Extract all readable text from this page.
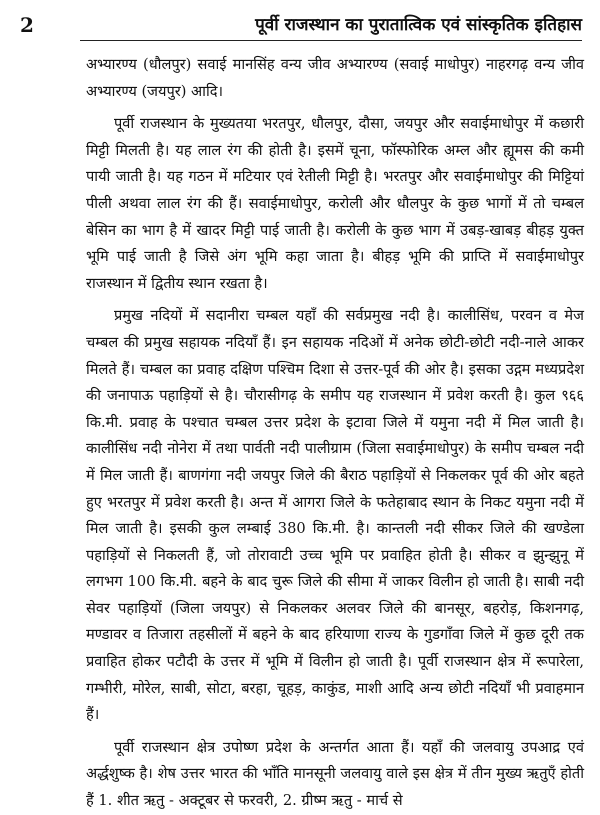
2	पूर्वी राजस्थान का पुरातात्विक एवं सांस्कृतिक इतिहास

अभ्यारण्य (धौलपुर) सवाई मानसिंह वन्य जीव अभ्यारण्य (सवाई माधोपुर) नाहरगढ़ वन्य जीव अभ्यारण्य (जयपुर) आदि।

पूर्वी राजस्थान के मुख्यतया भरतपुर, धौलपुर, दौसा, जयपुर और सवाईमाधोपुर में कछारी मिट्टी मिलती है। यह लाल रंग की होती है। इसमें चूना, फॉस्फोरिक अम्ल और ह्यूमस की कमी पायी जाती है। यह गठन में मटियार एवं रेतीली मिट्टी है। भरतपुर और सवाईमाधोपुर की मिट्टियां पीली अथवा लाल रंग की हैं। सवाईमाधोपुर, करोली और धौलपुर के कुछ भागों में तो चम्बल बेसिन का भाग है में खादर मिट्टी पाई जाती है। करोली के कुछ भाग में उबड़-खाबड़ बीहड़ युक्त भूमि पाई जाती है जिसे अंग भूमि कहा जाता है। बीहड़ भूमि की प्राप्ति में सवाईमाधोपुर राजस्थान में द्वितीय स्थान रखता है।

प्रमुख नदियों में सदानीरा चम्बल यहाँ की सर्वप्रमुख नदी है। कालीसिंध, परवन व मेज चम्बल की प्रमुख सहायक नदियाँ हैं। इन सहायक नदिओं में अनेक छोटी-छोटी नदी-नाले आकर मिलते हैं। चम्बल का प्रवाह दक्षिण पश्चिम दिशा से उत्तर-पूर्व की ओर है। इसका उद्गम मध्यप्रदेश की जनापाऊ पहाड़ियों से है। चौरासीगढ़ के समीप यह राजस्थान में प्रवेश करती है। कुल ९६६ कि.मी. प्रवाह के पश्चात चम्बल उत्तर प्रदेश के इटावा जिले में यमुना नदी में मिल जाती है। कालीसिंध नदी नोनेरा में तथा पार्वती नदी पालीग्राम (जिला सवाईमाधोपुर) के समीप चम्बल नदी में मिल जाती हैं। बाणगंगा नदी जयपुर जिले की बैराठ पहाड़ियों से निकलकर पूर्व की ओर बहते हुए भरतपुर में प्रवेश करती है। अन्त में आगरा जिले के फतेहाबाद स्थान के निकट यमुना नदी में मिल जाती है। इसकी कुल लम्बाई 380 कि.मी. है। कान्तली नदी सीकर जिले की खण्डेला पहाड़ियों से निकलती हैं, जो तोरावाटी उच्च भूमि पर प्रवाहित होती है। सीकर व झुन्झुनू में लगभग 100 कि.मी. बहने के बाद चुरू जिले की सीमा में जाकर विलीन हो जाती है। साबी नदी सेवर पहाड़ियों (जिला जयपुर) से निकलकर अलवर जिले की बानसूर, बहरोड़, किशनगढ़, मण्डावर व तिजारा तहसीलों में बहने के बाद हरियाणा राज्य के गुडगाँवा जिले में कुछ दूरी तक प्रवाहित होकर पटौदी के उत्तर में भूमि में विलीन हो जाती है। पूर्वी राजस्थान क्षेत्र में रूपारेला, गम्भीरी, मोरेल, साबी, सोटा, बरहा, चूहड़, काकुंड, माशी आदि अन्य छोटी नदियाँ भी प्रवाहमान हैं।

पूर्वी राजस्थान क्षेत्र उपोष्ण प्रदेश के अन्तर्गत आता हैं। यहाँ की जलवायु उपआद्र एवं अर्द्धशुष्क है। शेष उत्तर भारत की भाँति मानसूनी जलवायु वाले इस क्षेत्र में तीन मुख्य ऋतुएँ होती हैं 1. शीत ऋतु - अक्टूबर से फरवरी, 2. ग्रीष्म ऋतु - मार्च से
